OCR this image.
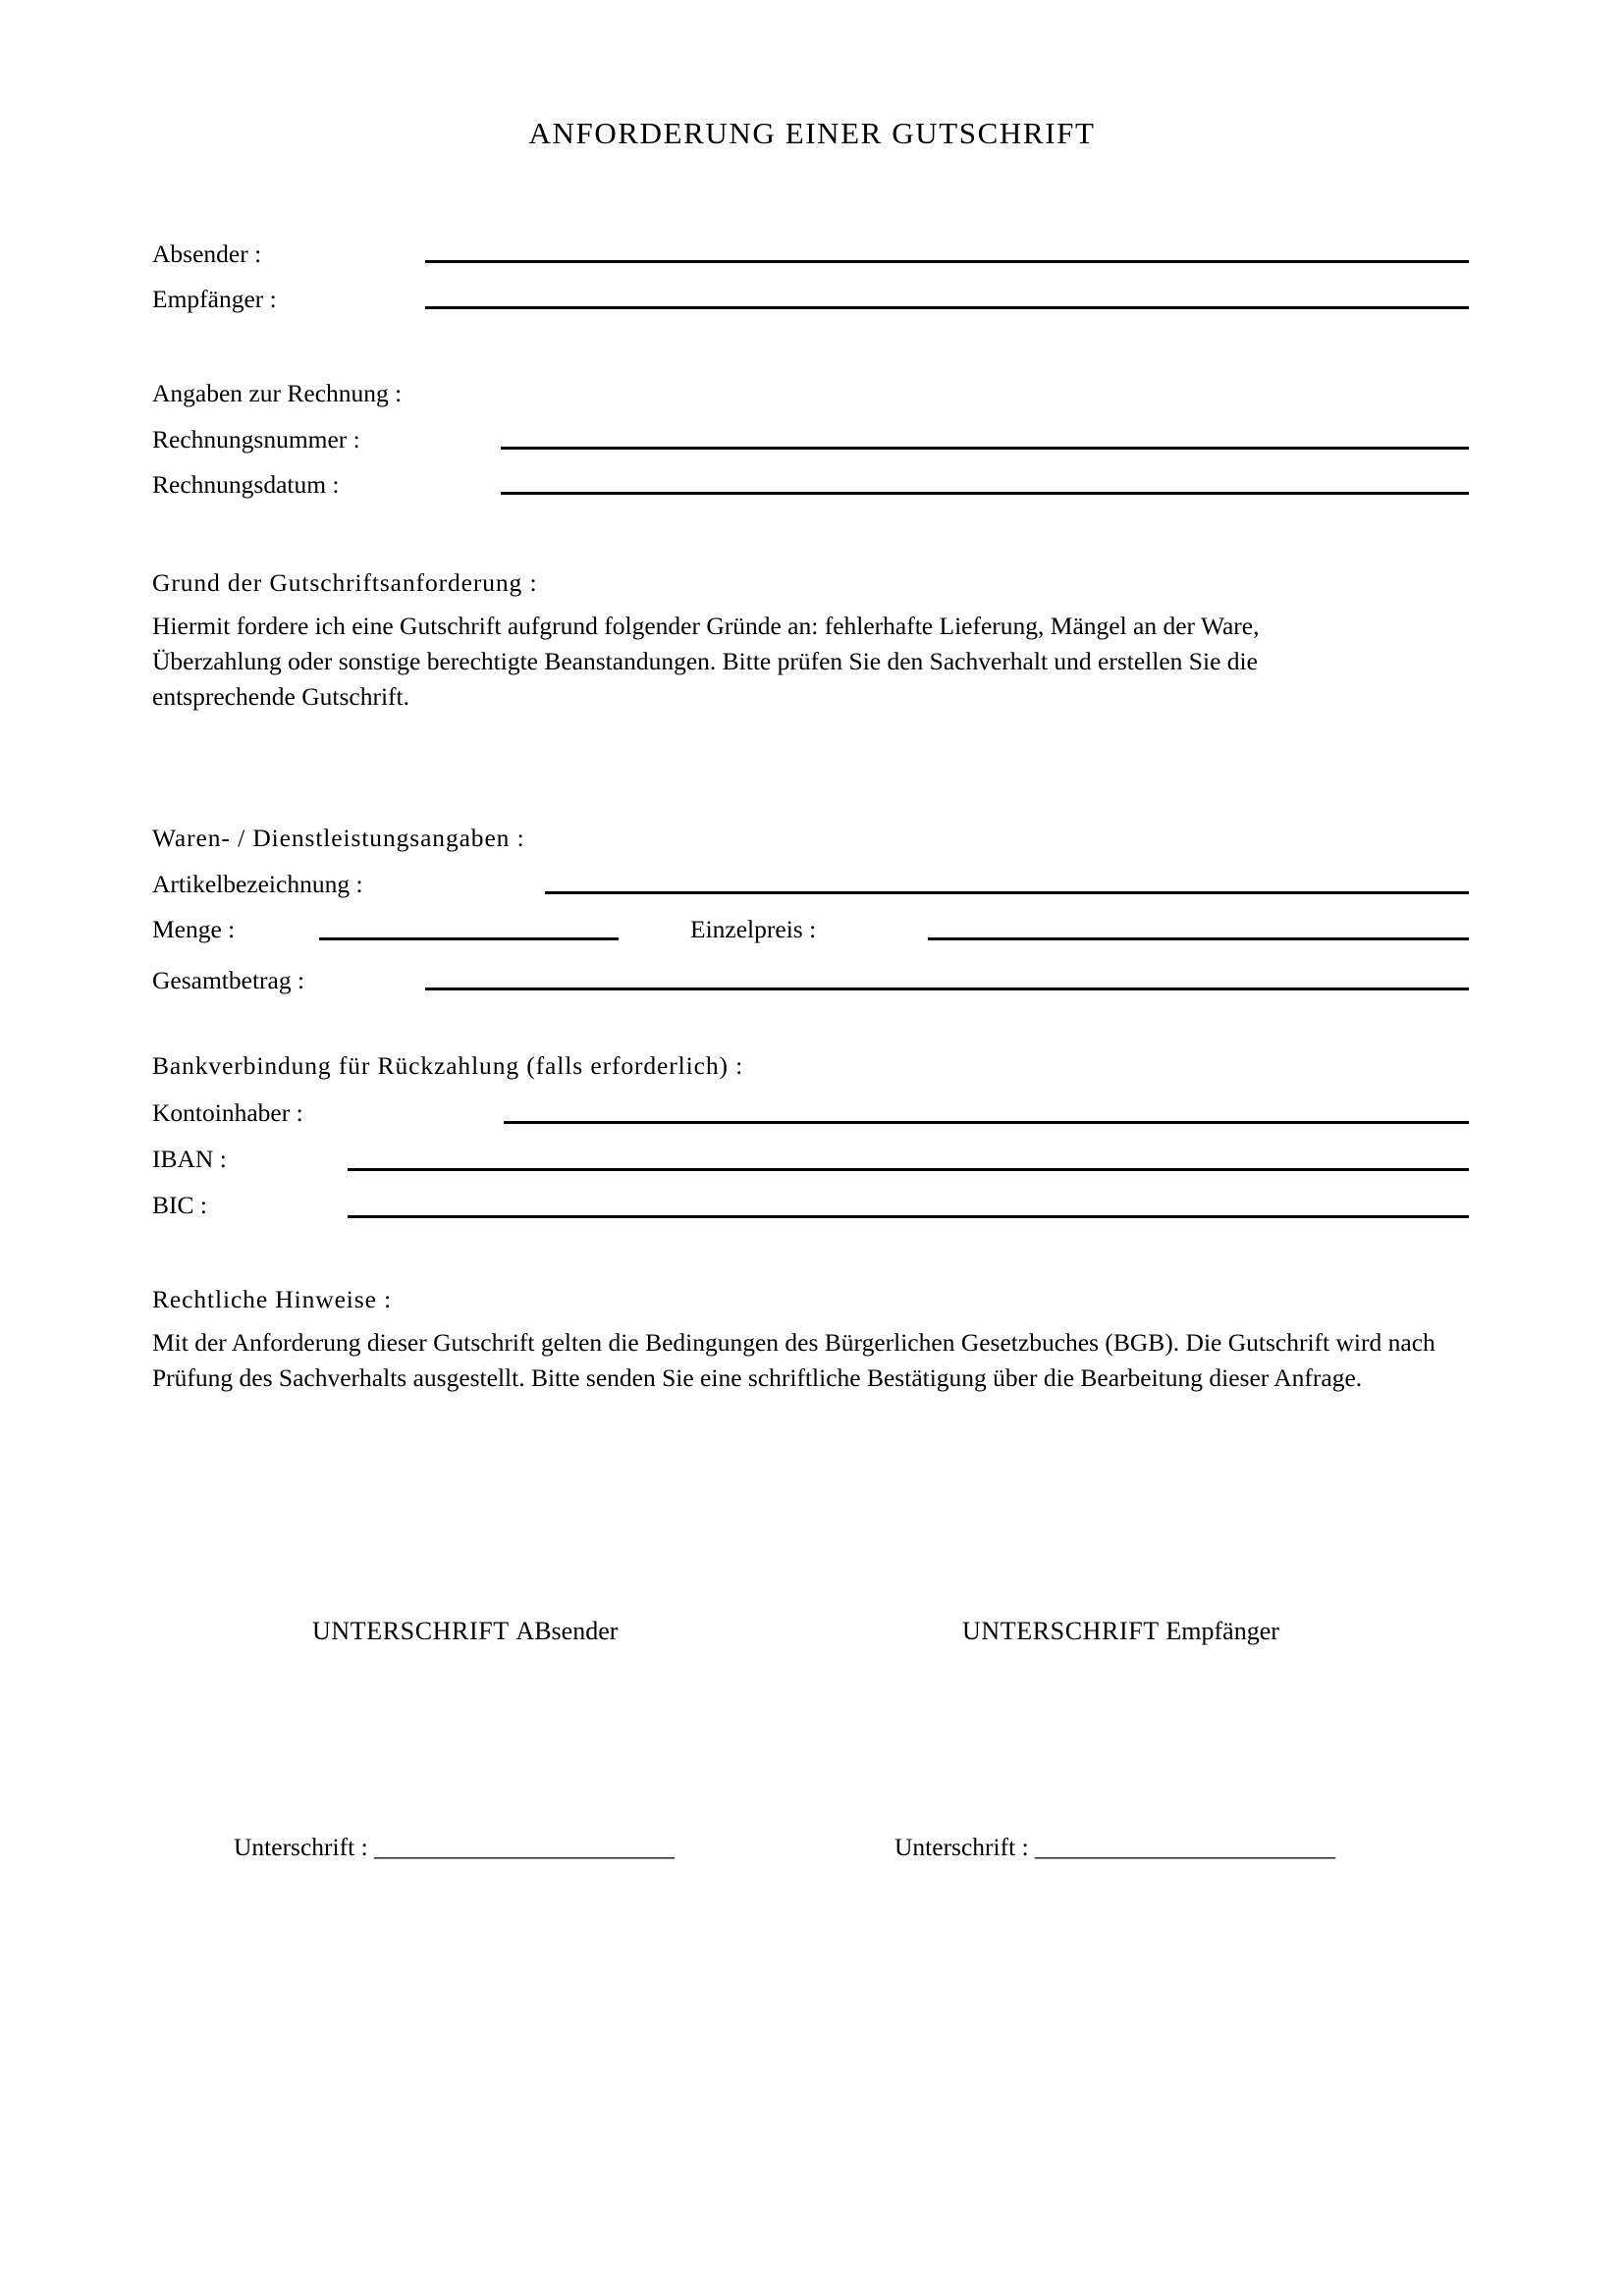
ANFORDERUNG EINER GUTSCHRIFT
Absender :
Empfänger :
Angaben zur Rechnung :
Rechnungsnummer :
Rechnungsdatum :
Grund der Gutschriftsanforderung :
Hiermit fordere ich eine Gutschrift aufgrund folgender Gründe an: fehlerhafte Lieferung, Mängel an der Ware, Überzahlung oder sonstige berechtigte Beanstandungen. Bitte prüfen Sie den Sachverhalt und erstellen Sie die entsprechende Gutschrift.
Waren- / Dienstleistungsangaben :
Artikelbezeichnung :
Menge :	Einzelpreis :
Gesamtbetrag :
Bankverbindung für Rückzahlung (falls erforderlich) :
Kontoinhaber :
IBAN :
BIC :
Rechtliche Hinweise :
Mit der Anforderung dieser Gutschrift gelten die Bedingungen des Bürgerlichen Gesetzbuches (BGB). Die Gutschrift wird nach Prüfung des Sachverhalts ausgestellt. Bitte senden Sie eine schriftliche Bestätigung über die Bearbeitung dieser Anfrage.
UNTERSCHRIFT ABsender	UNTERSCHRIFT Empfänger
Unterschrift : ________________________	Unterschrift : ________________________
